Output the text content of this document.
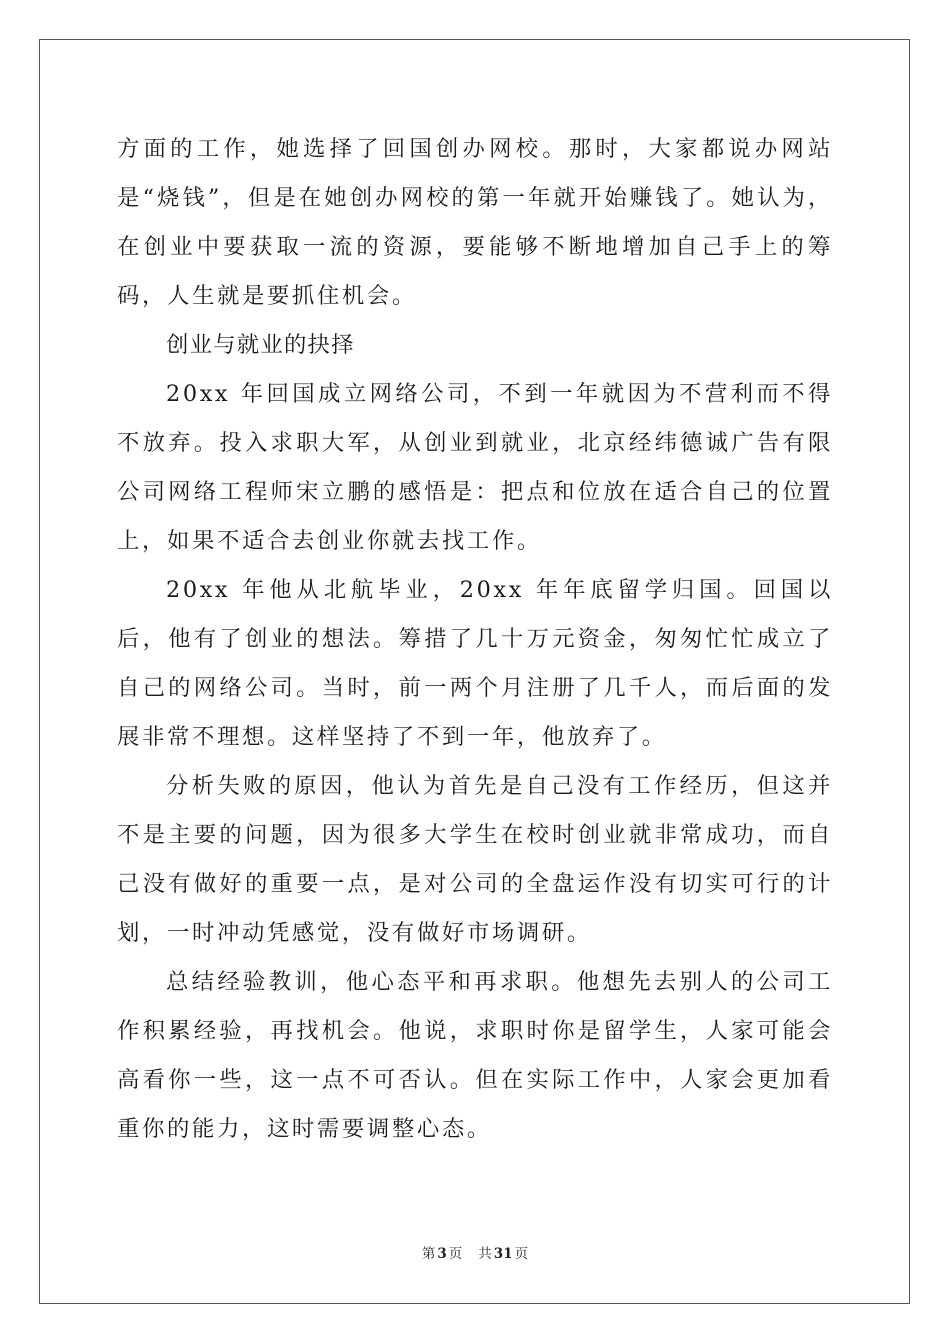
方面的工作，她选择了回国创办网校。那时，大家都说办网站是“烧钱”，但是在她创办网校的第一年就开始赚钱了。她认为，在创业中要获取一流的资源，要能够不断地增加自己手上的筹码，人生就是要抓住机会。

创业与就业的抉择

20xx 年回国成立网络公司，不到一年就因为不营利而不得不放弃。投入求职大军，从创业到就业，北京经纬德诚广告有限公司网络工程师宋立鹏的感悟是：把点和位放在适合自己的位置上，如果不适合去创业你就去找工作。

20xx 年他从北航毕业，20xx 年年底留学归国。回国以后，他有了创业的想法。筹措了几十万元资金，匆匆忙忙成立了自己的网络公司。当时，前一两个月注册了几千人，而后面的发展非常不理想。这样坚持了不到一年，他放弃了。

分析失败的原因，他认为首先是自己没有工作经历，但这并不是主要的问题，因为很多大学生在校时创业就非常成功，而自己没有做好的重要一点，是对公司的全盘运作没有切实可行的计划，一时冲动凭感觉，没有做好市场调研。

总结经验教训，他心态平和再求职。他想先去别人的公司工作积累经验，再找机会。他说，求职时你是留学生，人家可能会高看你一些，这一点不可否认。但在实际工作中，人家会更加看重你的能力，这时需要调整心态。

第 3 页 共 31 页
